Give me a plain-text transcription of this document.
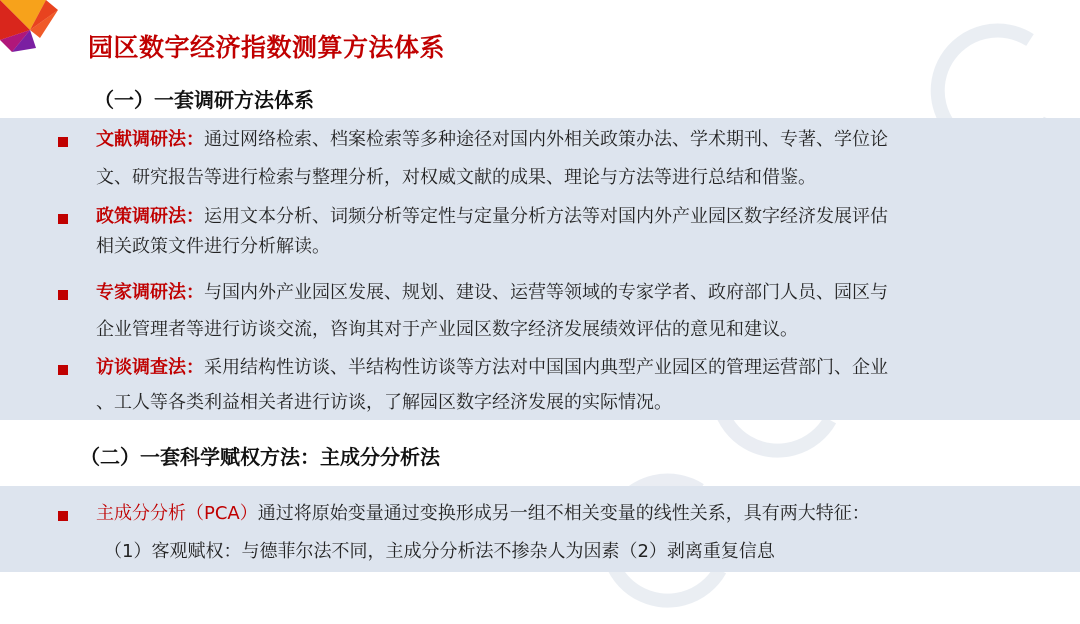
园区数字经济指数测算方法体系
（一）一套调研方法体系
文献调研法：通过网络检索、档案检索等多种途径对国内外相关政策办法、学术期刊、专著、学位论
文、研究报告等进行检索与整理分析，对权威文献的成果、理论与方法等进行总结和借鉴。
政策调研法：运用文本分析、词频分析等定性与定量分析方法等对国内外产业园区数字经济发展评估
相关政策文件进行分析解读。
专家调研法：与国内外产业园区发展、规划、建设、运营等领域的专家学者、政府部门人员、园区与
企业管理者等进行访谈交流，咨询其对于产业园区数字经济发展绩效评估的意见和建议。
访谈调查法：采用结构性访谈、半结构性访谈等方法对中国国内典型产业园区的管理运营部门、企业
、工人等各类利益相关者进行访谈，了解园区数字经济发展的实际情况。
（二）一套科学赋权方法：主成分分析法
主成分分析（PCA）通过将原始变量通过变换形成另一组不相关变量的线性关系，具有两大特征：
（1）客观赋权：与德菲尔法不同，主成分分析法不掺杂人为因素（2）剥离重复信息
